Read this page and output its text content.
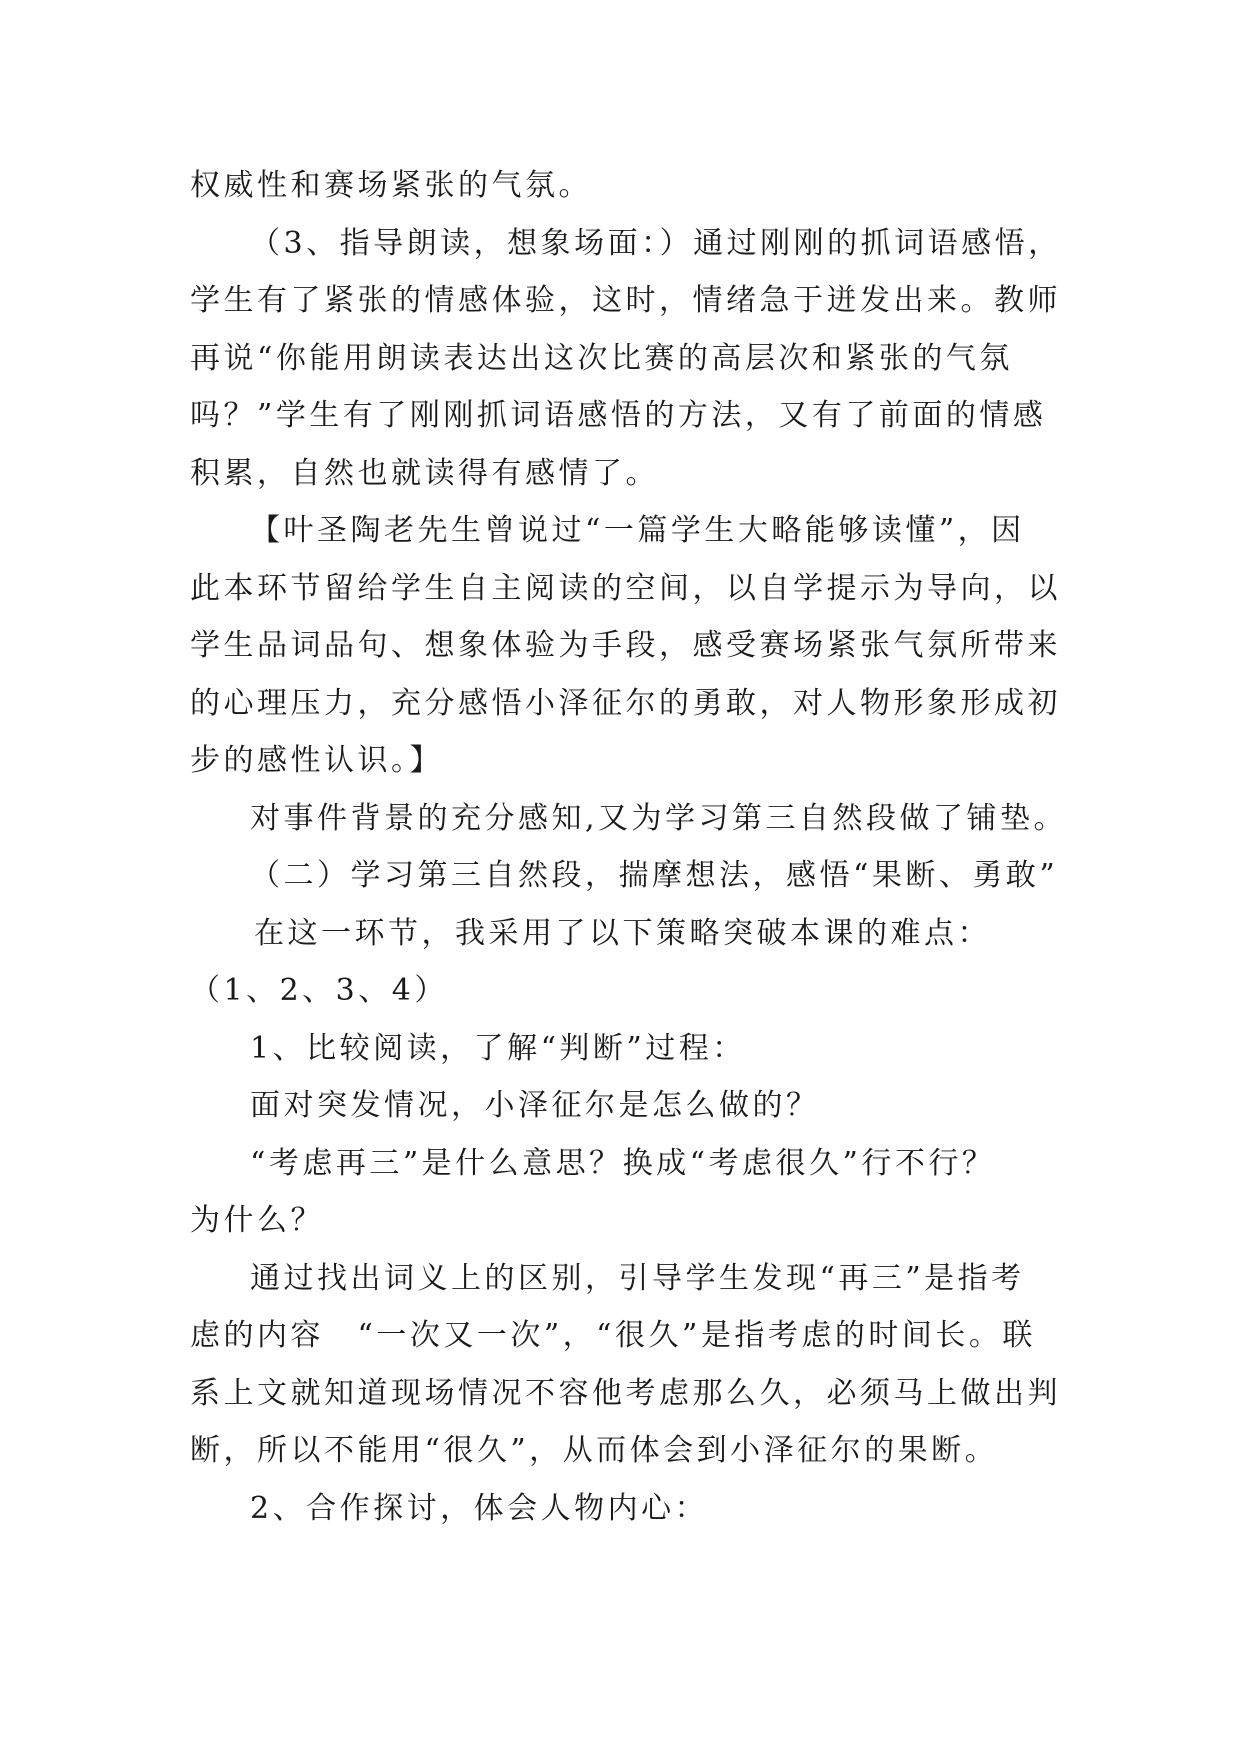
权威性和赛场紧张的气氛。
（3、指导朗读，想象场面：）通过刚刚的抓词语感悟，
学生有了紧张的情感体验，这时，情绪急于迸发出来。教师
再说“你能用朗读表达出这次比赛的高层次和紧张的气氛
吗？”学生有了刚刚抓词语感悟的方法，又有了前面的情感
积累，自然也就读得有感情了。
【叶圣陶老先生曾说过“一篇学生大略能够读懂”，因
此本环节留给学生自主阅读的空间，以自学提示为导向，以
学生品词品句、想象体验为手段，感受赛场紧张气氛所带来
的心理压力，充分感悟小泽征尔的勇敢，对人物形象形成初
步的感性认识。】
对事件背景的充分感知,又为学习第三自然段做了铺垫。
（二）学习第三自然段，揣摩想法，感悟“果断、勇敢”
在这一环节，我采用了以下策略突破本课的难点：
（1、2、3、4）
1、比较阅读，了解“判断”过程：
面对突发情况，小泽征尔是怎么做的？
“考虑再三”是什么意思？换成“考虑很久”行不行？
为什么？
通过找出词义上的区别，引导学生发现“再三”是指考
虑的内容　“一次又一次”，“很久”是指考虑的时间长。联
系上文就知道现场情况不容他考虑那么久，必须马上做出判
断，所以不能用“很久”，从而体会到小泽征尔的果断。
2、合作探讨，体会人物内心：
